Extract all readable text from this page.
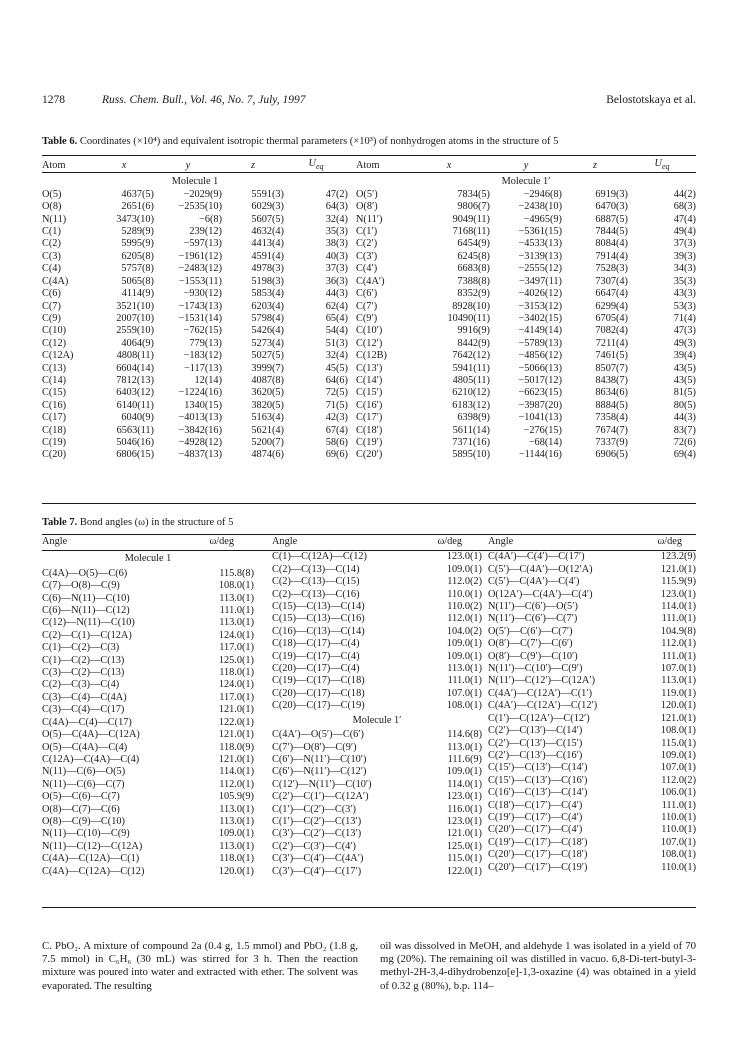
1278	Russ. Chem. Bull., Vol. 46, No. 7, July, 1997	Belostotskaya et al.
Table 6. Coordinates (×10⁴) and equivalent isotropic thermal parameters (×10³) of nonhydrogen atoms in the structure of 5
Atom	x	y	z	$U_{eq}$
Molecule 1				
O(5)	4637(5)	−2029(9)	5591(3)	47(2)
O(8)	2651(6)	−2535(10)	6029(3)	64(3)
N(11)	3473(10)	−6(8)	5607(5)	32(4)
C(1)	5289(9)	239(12)	4632(4)	35(3)
C(2)	5995(9)	−597(13)	4413(4)	38(3)
C(3)	6205(8)	−1961(12)	4591(4)	40(3)
C(4)	5757(8)	−2483(12)	4978(3)	37(3)
C(4A)	5065(8)	−1553(11)	5198(3)	36(3)
C(6)	4114(9)	−930(12)	5853(4)	44(3)
C(7)	3521(10)	−1743(13)	6203(4)	62(4)
C(9)	2007(10)	−1531(14)	5798(4)	65(4)
C(10)	2559(10)	−762(15)	5426(4)	54(4)
C(12)	4064(9)	779(13)	5273(4)	51(3)
C(12A)	4808(11)	−183(12)	5027(5)	32(4)
C(13)	6604(14)	−117(13)	3999(7)	45(5)
C(14)	7812(13)	12(14)	4087(8)	64(6)
C(15)	6403(12)	−1224(16)	3620(5)	72(5)
C(16)	6140(11)	1340(15)	3820(5)	71(5)
C(17)	6040(9)	−4013(13)	5163(4)	42(3)
C(18)	6563(11)	−3842(16)	5621(4)	67(4)
C(19)	5046(16)	−4928(12)	5200(7)	58(6)
C(20)	6806(15)	−4837(13)	4874(6)	69(6)
Atom	x	y	z	$U_{eq}$
Molecule 1′				
O(5′)	7834(5)	−2946(8)	6919(3)	44(2)
O(8′)	9806(7)	−2438(10)	6470(3)	68(3)
N(11′)	9049(11)	−4965(9)	6887(5)	47(4)
C(1′)	7168(11)	−5361(15)	7844(5)	49(4)
C(2′)	6454(9)	−4533(13)	8084(4)	37(3)
C(3′)	6245(8)	−3139(13)	7914(4)	39(3)
C(4′)	6683(8)	−2555(12)	7528(3)	34(3)
C(4A′)	7388(8)	−3497(11)	7307(4)	35(3)
C(6′)	8352(9)	−4026(12)	6647(4)	43(3)
C(7′)	8928(10)	−3153(12)	6299(4)	53(3)
C(9′)	10490(11)	−3402(15)	6705(4)	71(4)
C(10′)	9916(9)	−4149(14)	7082(4)	47(3)
C(12′)	8442(9)	−5789(13)	7211(4)	49(3)
C(12B)	7642(12)	−4856(12)	7461(5)	39(4)
C(13′)	5941(11)	−5066(13)	8507(7)	43(5)
C(14′)	4805(11)	−5017(12)	8438(7)	43(5)
C(15′)	6210(12)	−6623(15)	8634(6)	81(5)
C(16′)	6183(12)	−3987(20)	8884(5)	80(5)
C(17′)	6398(9)	−1041(13)	7358(4)	44(3)
C(18′)	5611(14)	−276(15)	7674(7)	83(7)
C(19′)	7371(16)	−68(14)	7337(9)	72(6)
C(20′)	5895(10)	−1144(16)	6906(5)	69(4)
Table 7. Bond angles (ω) in the structure of 5
Angle	ω/deg
Molecule 1
C(4A)—O(5)—C(6)	115.8(8)
C(7)—O(8)—C(9)	108.0(1)
C(6)—N(11)—C(10)	113.0(1)
C(6)—N(11)—C(12)	111.0(1)
C(12)—N(11)—C(10)	113.0(1)
C(2)—C(1)—C(12A)	124.0(1)
C(1)—C(2)—C(3)	117.0(1)
C(1)—C(2)—C(13)	125.0(1)
C(3)—C(2)—C(13)	118.0(1)
C(2)—C(3)—C(4)	124.0(1)
C(3)—C(4)—C(4A)	117.0(1)
C(3)—C(4)—C(17)	121.0(1)
C(4A)—C(4)—C(17)	122.0(1)
O(5)—C(4A)—C(12A)	121.0(1)
O(5)—C(4A)—C(4)	118.0(9)
C(12A)—C(4A)—C(4)	121.0(1)
N(11)—C(6)—O(5)	114.0(1)
N(11)—C(6)—C(7)	112.0(1)
O(5)—C(6)—C(7)	105.9(9)
O(8)—C(7)—C(6)	113.0(1)
O(8)—C(9)—C(10)	113.0(1)
N(11)—C(10)—C(9)	109.0(1)
N(11)—C(12)—C(12A)	113.0(1)
C(4A)—C(12A)—C(1)	118.0(1)
C(4A)—C(12A)—C(12)	120.0(1)
Angle	ω/deg
C(1)—C(12A)—C(12)	123.0(1)
C(2)—C(13)—C(14)	109.0(1)
C(2)—C(13)—C(15)	112.0(2)
C(2)—C(13)—C(16)	110.0(1)
C(15)—C(13)—C(14)	110.0(2)
C(15)—C(13)—C(16)	112.0(1)
C(16)—C(13)—C(14)	104.0(2)
C(18)—C(17)—C(4)	109.0(1)
C(19)—C(17)—C(4)	109.0(1)
C(20)—C(17)—C(4)	113.0(1)
C(19)—C(17)—C(18)	111.0(1)
C(20)—C(17)—C(18)	107.0(1)
C(20)—C(17)—C(19)	108.0(1)
Molecule 1′
C(4A′)—O(5′)—C(6′)	114.6(8)
C(7′)—O(8′)—C(9′)	113.0(1)
C(6′)—N(11′)—C(10′)	111.6(9)
C(6′)—N(11′)—C(12′)	109.0(1)
C(12′)—N(11′)—C(10′)	114.0(1)
C(2′)—C(1′)—C(12A′)	123.0(1)
C(1′)—C(2′)—C(3′)	116.0(1)
C(1′)—C(2′)—C(13′)	123.0(1)
C(3′)—C(2′)—C(13′)	121.0(1)
C(2′)—C(3′)—C(4′)	125.0(1)
C(3′)—C(4′)—C(4A′)	115.0(1)
C(3′)—C(4′)—C(17′)	122.0(1)
Angle	ω/deg
C(4A′)—C(4′)—C(17′)	123.2(9)
C(5′)—C(4A′)—O(12′A)	121.0(1)
C(5′)—C(4A′)—C(4′)	115.9(9)
O(12A′)—C(4A′)—C(4′)	123.0(1)
N(11′)—C(6′)—O(5′)	114.0(1)
N(11′)—C(6′)—C(7′)	111.0(1)
O(5′)—C(6′)—C(7′)	104.9(8)
O(8′)—C(7′)—C(6′)	112.0(1)
O(8′)—C(9′)—C(10′)	111.0(1)
N(11′)—C(10′)—C(9′)	107.0(1)
N(11′)—C(12′)—C(12A′)	113.0(1)
C(4A′)—C(12A′)—C(1′)	119.0(1)
C(4A′)—C(12A′)—C(12′)	120.0(1)
C(1′)—C(12A′)—C(12′)	121.0(1)
C(2′)—C(13′)—C(14′)	108.0(1)
C(2′)—C(13′)—C(15′)	115.0(1)
C(2′)—C(13′)—C(16′)	109.0(1)
C(15′)—C(13′)—C(14′)	107.0(1)
C(15′)—C(13′)—C(16′)	112.0(2)
C(16′)—C(13′)—C(14′)	106.0(1)
C(18′)—C(17′)—C(4′)	111.0(1)
C(19′)—C(17′)—C(4′)	110.0(1)
C(20′)—C(17′)—C(4′)	110.0(1)
C(19′)—C(17′)—C(18′)	107.0(1)
C(20′)—C(17′)—C(18′)	108.0(1)
C(20′)—C(17′)—C(19′)	110.0(1)
C. PbO₂. A mixture of compound 2a (0.4 g, 1.5 mmol) and PbO₂ (1.8 g, 7.5 mmol) in C₆H₆ (30 mL) was stirred for 3 h. Then the reaction mixture was poured into water and extracted with ether. The solvent was evaporated. The resulting
oil was dissolved in MeOH, and aldehyde 1 was isolated in a yield of 70 mg (20%). The remaining oil was distilled in vacuo. 6,8-Di-tert-butyl-3-methyl-2H-3,4-dihydrobenzo[e]-1,3-oxazine (4) was obtained in a yield of 0.32 g (80%), b.p. 114–
